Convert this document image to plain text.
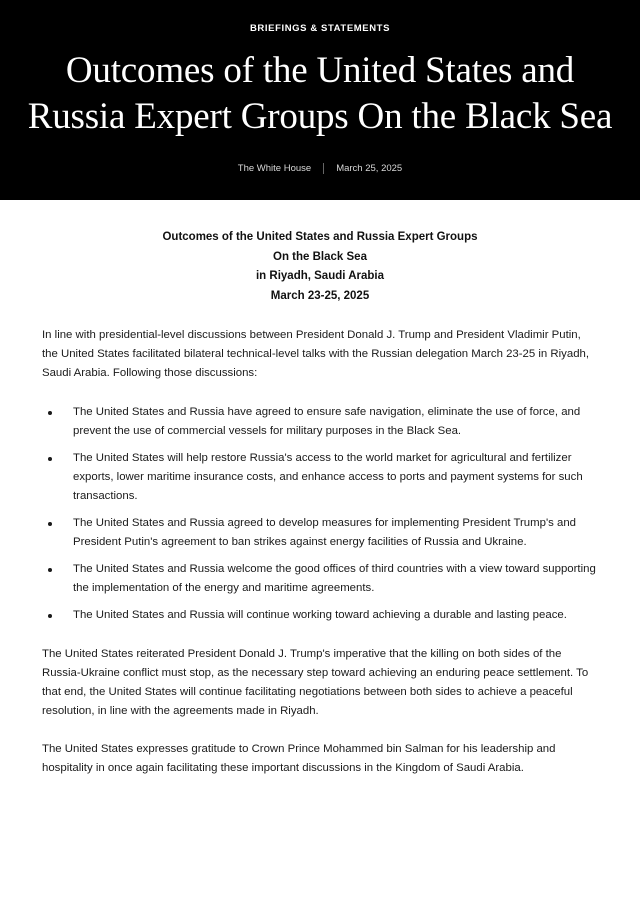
BRIEFINGS & STATEMENTS
Outcomes of the United States and Russia Expert Groups On the Black Sea
The White House	March 25, 2025
Outcomes of the United States and Russia Expert Groups
On the Black Sea
in Riyadh, Saudi Arabia
March 23-25, 2025

In line with presidential-level discussions between President Donald J. Trump and President Vladimir Putin, the United States facilitated bilateral technical-level talks with the Russian delegation March 23-25 in Riyadh, Saudi Arabia. Following those discussions:

The United States and Russia have agreed to ensure safe navigation, eliminate the use of force, and prevent the use of commercial vessels for military purposes in the Black Sea.
The United States will help restore Russia's access to the world market for agricultural and fertilizer exports, lower maritime insurance costs, and enhance access to ports and payment systems for such transactions.
The United States and Russia agreed to develop measures for implementing President Trump's and President Putin's agreement to ban strikes against energy facilities of Russia and Ukraine.
The United States and Russia welcome the good offices of third countries with a view toward supporting the implementation of the energy and maritime agreements.
The United States and Russia will continue working toward achieving a durable and lasting peace.

The United States reiterated President Donald J. Trump's imperative that the killing on both sides of the Russia-Ukraine conflict must stop, as the necessary step toward achieving an enduring peace settlement. To that end, the United States will continue facilitating negotiations between both sides to achieve a peaceful resolution, in line with the agreements made in Riyadh.

The United States expresses gratitude to Crown Prince Mohammed bin Salman for his leadership and hospitality in once again facilitating these important discussions in the Kingdom of Saudi Arabia.
